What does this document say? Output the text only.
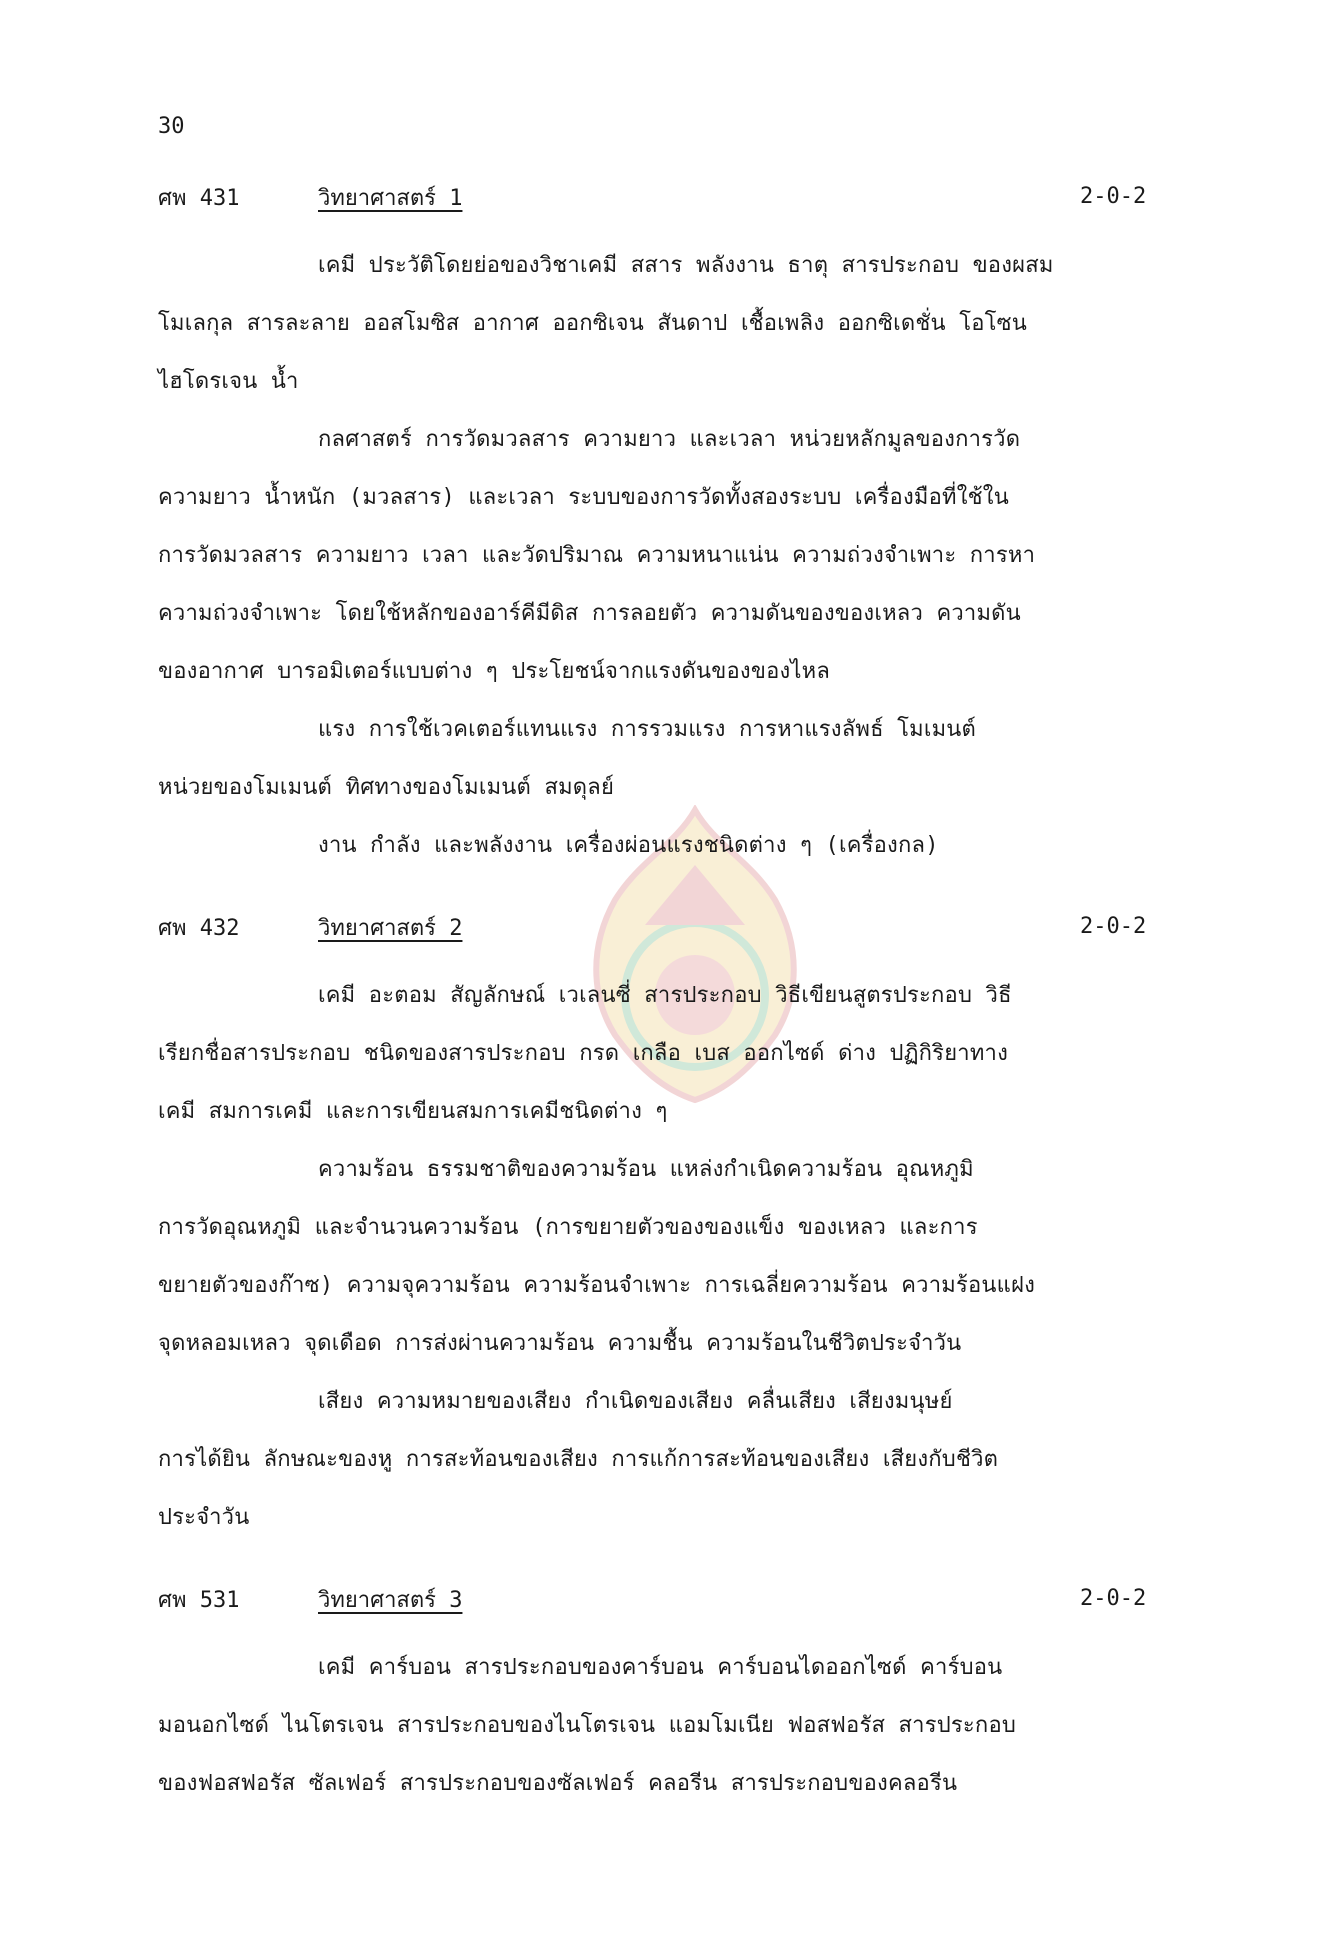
30
ศพ 431	วิทยาศาสตร์ 1	2-0-2
เคมี ประวัติโดยย่อของวิชาเคมี สสาร พลังงาน ธาตุ สารประกอบ ของผสม
โมเลกุล สารละลาย ออสโมซิส อากาศ ออกซิเจน สันดาป เชื้อเพลิง ออกซิเดชั่น โอโซน
ไฮโดรเจน น้ำ
กลศาสตร์ การวัดมวลสาร ความยาว และเวลา หน่วยหลักมูลของการวัด
ความยาว น้ำหนัก (มวลสาร) และเวลา ระบบของการวัดทั้งสองระบบ เครื่องมือที่ใช้ใน
การวัดมวลสาร ความยาว เวลา และวัดปริมาณ ความหนาแน่น ความถ่วงจำเพาะ การหา
ความถ่วงจำเพาะ โดยใช้หลักของอาร์คีมีดิส การลอยตัว ความดันของของเหลว ความดัน
ของอากาศ บารอมิเตอร์แบบต่าง ๆ ประโยชน์จากแรงดันของของไหล
แรง การใช้เวคเตอร์แทนแรง การรวมแรง การหาแรงลัพธ์ โมเมนต์
หน่วยของโมเมนต์ ทิศทางของโมเมนต์ สมดุลย์
งาน กำลัง และพลังงาน เครื่องผ่อนแรงชนิดต่าง ๆ (เครื่องกล)
ศพ 432	วิทยาศาสตร์ 2	2-0-2
เคมี อะตอม สัญลักษณ์ เวเลนซี่ สารประกอบ วิธีเขียนสูตรประกอบ วิธี
เรียกชื่อสารประกอบ ชนิดของสารประกอบ กรด เกลือ เบส ออกไซด์ ด่าง ปฏิกิริยาทาง
เคมี สมการเคมี และการเขียนสมการเคมีชนิดต่าง ๆ
ความร้อน ธรรมชาติของความร้อน แหล่งกำเนิดความร้อน อุณหภูมิ
การวัดอุณหภูมิ และจำนวนความร้อน (การขยายตัวของของแข็ง ของเหลว และการ
ขยายตัวของก๊าซ) ความจุความร้อน ความร้อนจำเพาะ การเฉลี่ยความร้อน ความร้อนแฝง
จุดหลอมเหลว จุดเดือด การส่งผ่านความร้อน ความชื้น ความร้อนในชีวิตประจำวัน
เสียง ความหมายของเสียง กำเนิดของเสียง คลื่นเสียง เสียงมนุษย์
การได้ยิน ลักษณะของหู การสะท้อนของเสียง การแก้การสะท้อนของเสียง เสียงกับชีวิต
ประจำวัน
ศพ 531	วิทยาศาสตร์ 3	2-0-2
เคมี คาร์บอน สารประกอบของคาร์บอน คาร์บอนไดออกไซด์ คาร์บอน
มอนอกไซด์ ไนโตรเจน สารประกอบของไนโตรเจน แอมโมเนีย ฟอสฟอรัส สารประกอบ
ของฟอสฟอรัส ซัลเฟอร์ สารประกอบของซัลเฟอร์ คลอรีน สารประกอบของคลอรีน
